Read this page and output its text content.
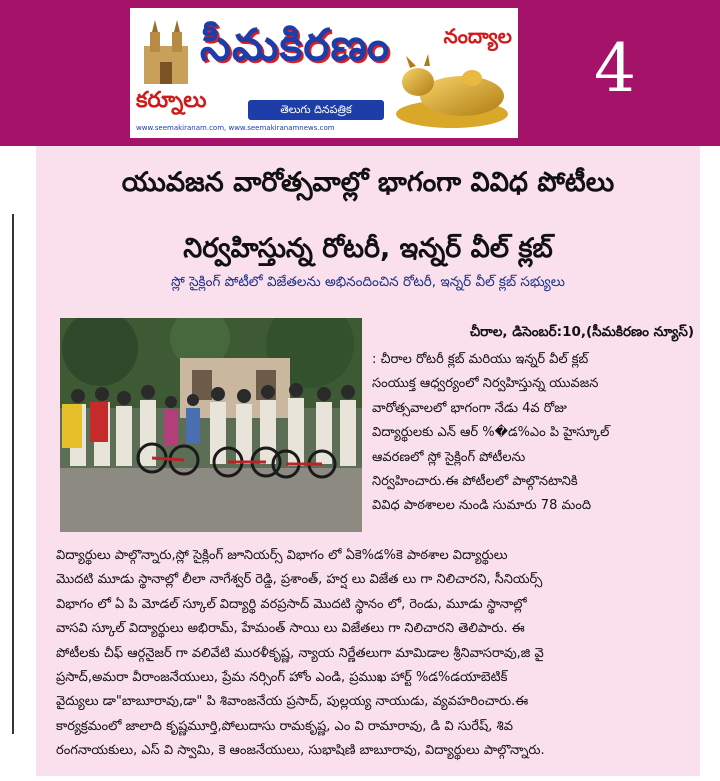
సీమకిరణం	నంద్యాల
కర్నూలు	తెలుగు దినపత్రిక
www.seemakiranam.com, www.seemakiranamnews.com
4
యువజన వారోత్సవాల్లో భాగంగా వివిధ పోటీలు
నిర్వహిస్తున్న రోటరీ, ఇన్నర్ వీల్ క్లబ్
స్లో సైక్లింగ్ పోటీలో విజేతలను అభినందించిన రోటరీ, ఇన్నర్ వీల్ క్లబ్ సభ్యులు
చీరాల, డిసెంబర్:10,(సీమకిరణం న్యూస్)
: చీరాల రోటరీ క్లబ్ మరియు ఇన్నర్ వీల్ క్లబ్
సంయుక్త ఆధ్వర్యంలో నిర్వహిస్తున్న యువజన
వారోత్సవాలలో భాగంగా నేడు 4వ రోజు
విద్యార్థులకు ఎన్ ఆర్ %�డ%ఎం పి హైస్కూల్
ఆవరణలో స్లో సైక్లింగ్ పోటీలను
నిర్వహించారు.ఈ పోటీలలో పాల్గొనటానికి
వివిధ పాఠశాలల నుండి సుమారు 78 మంది
విద్యార్థులు పాల్గొన్నారు,స్లో సైక్లింగ్ జూనియర్స్ విభాగం లో ఏకె%డ%కె పాఠశాల విద్యార్థులు
మొదటి మూడు స్థానాల్లో లీలా నాగేశ్వర్ రెడ్డి, ప్రశాంత్, హర్ష లు విజేత లు గా నిలిచారని, సీనియర్స్
విభాగం లో ఏ పి మోడల్ స్కూల్ విద్యార్థి వరప్రసాద్ మొదటి స్థానం లో, రెండు, మూడు స్థానాల్లో
వాసవి స్కూల్ విద్యార్థులు అభిరామ్, హేమంత్ సాయి లు విజేతలు గా నిలిచారని తెలిపారు. ఈ
పోటీలకు చీఫ్ ఆర్గనైజర్ గా వలివేటి మురళీకృష్ణ, న్యాయ నిర్ణేతలుగా మామిడాల శ్రీనివాసరావు,జి వై
ప్రసాద్,అమరా వీరాంజనేయులు, ప్రేమ నర్సింగ్ హోం ఎండి, ప్రముఖ హార్ట్ %డ%డయాబెటిక్
వైద్యులు డా"బాబూరావు,డా" పి శివాంజనేయ ప్రసాద్, పుల్లయ్య నాయుడు, వ్యవహరించారు.ఈ
కార్యక్రమంలో జాలాది కృష్ణమూర్తి,పోలుదాసు రామకృష్ణ, ఎం వి రామారావు, డి వి సురేష్, శివ
రంగనాయకులు, ఎస్ వి స్వామి, కె ఆంజనేయులు, సుభాషిణి బాబూరావు, విద్యార్థులు పాల్గొన్నారు.
